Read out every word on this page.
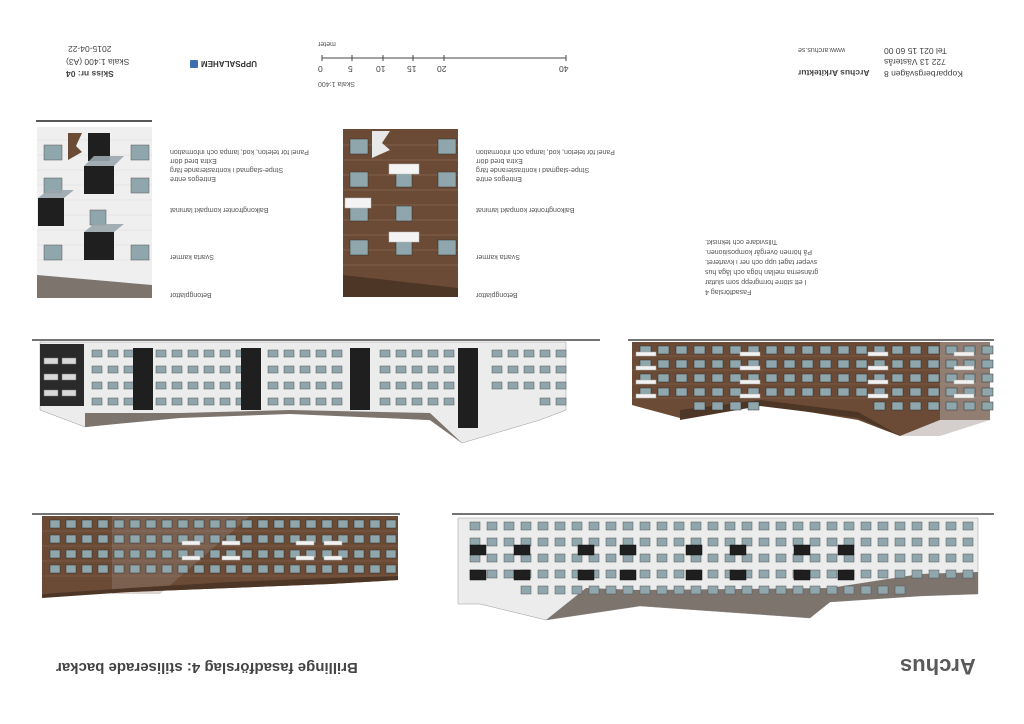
2015-04-22
Skala 1:400 (A3)
Skiss nr: 04
UPPSALAHEM
meter
0	5	10	15 20	40
Skala 1:400
www.archus.se
Archus Arkitektur
Tel 021 15 60 00
722 13 Västerås
Kopparbergsvägen 8
Panel för teleton, kod, lampa och information
Extra bred dörr
Entrégos entré
Stripe-slagmad i kontrasterande färg
Balkongfronter kompakt laminat
Svarta karmer
Betongplattor
Panel för teleton, kod, lampa och information
Extra bred dörr
Stripe-slagmad i kontrasterande färg
Entrégos entré
Balkongfronter kompakt laminat
Svarta karmer
Betongplattor
Tillsvidare och tekniskt.
På hörnen övergår kompositionen.
sveper taget upp och ner i kvarteret.
gränserna mellan höga och låga hus
I ett större formgrepp som sluttar
Fasadförslag 4
Brillinge fasadförslag 4: stiliserade backar	Archus
